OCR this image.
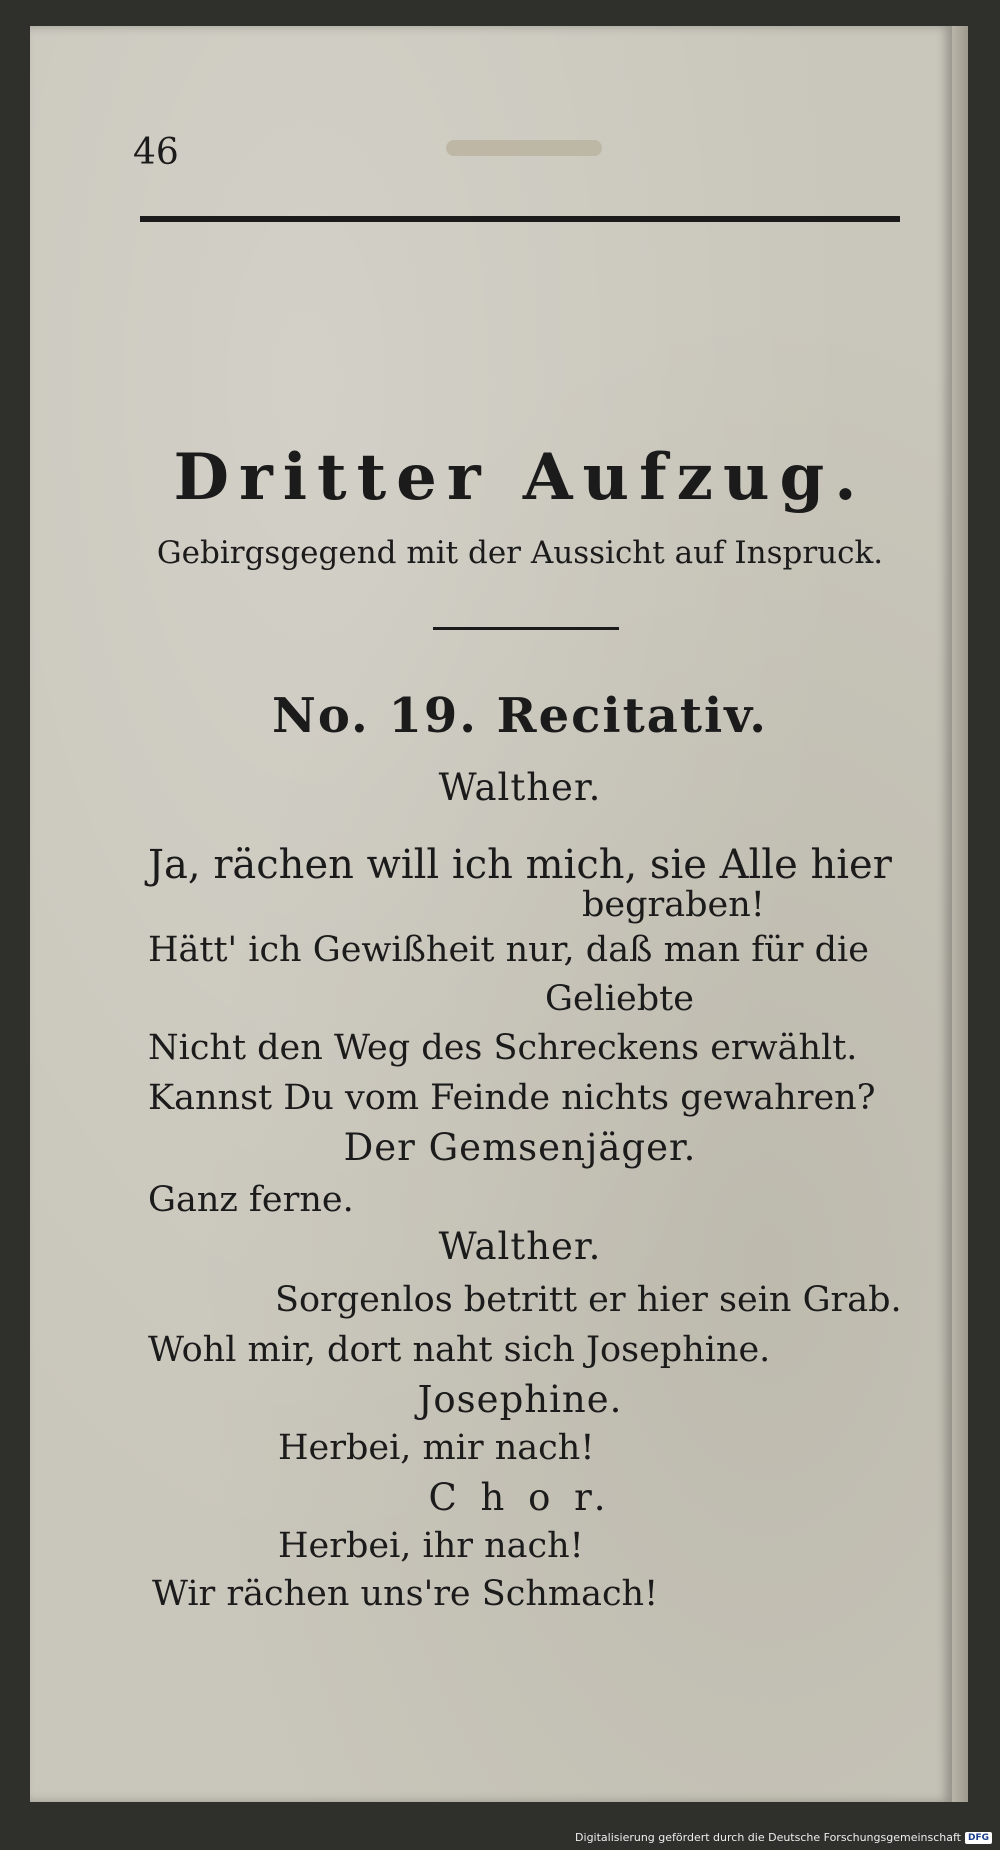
46
Dritter Aufzug.
Gebirgsgegend mit der Aussicht auf Inspruck.
No. 19. Recitativ.
Walther.
Ja, rächen will ich mich, sie Alle hier
begraben!
Hätt' ich Gewißheit nur, daß man für die
Geliebte
Nicht den Weg des Schreckens erwählt.
Kannst Du vom Feinde nichts gewahren?
Der Gemsenjäger.
Ganz ferne.
Walther.
Sorgenlos betritt er hier sein Grab.
Wohl mir, dort naht sich Josephine.
Josephine.
Herbei, mir nach!
C h o r.
Herbei, ihr nach!
Wir rächen uns're Schmach!
Digitalisierung gefördert durch die Deutsche Forschungsgemeinschaft DFG
